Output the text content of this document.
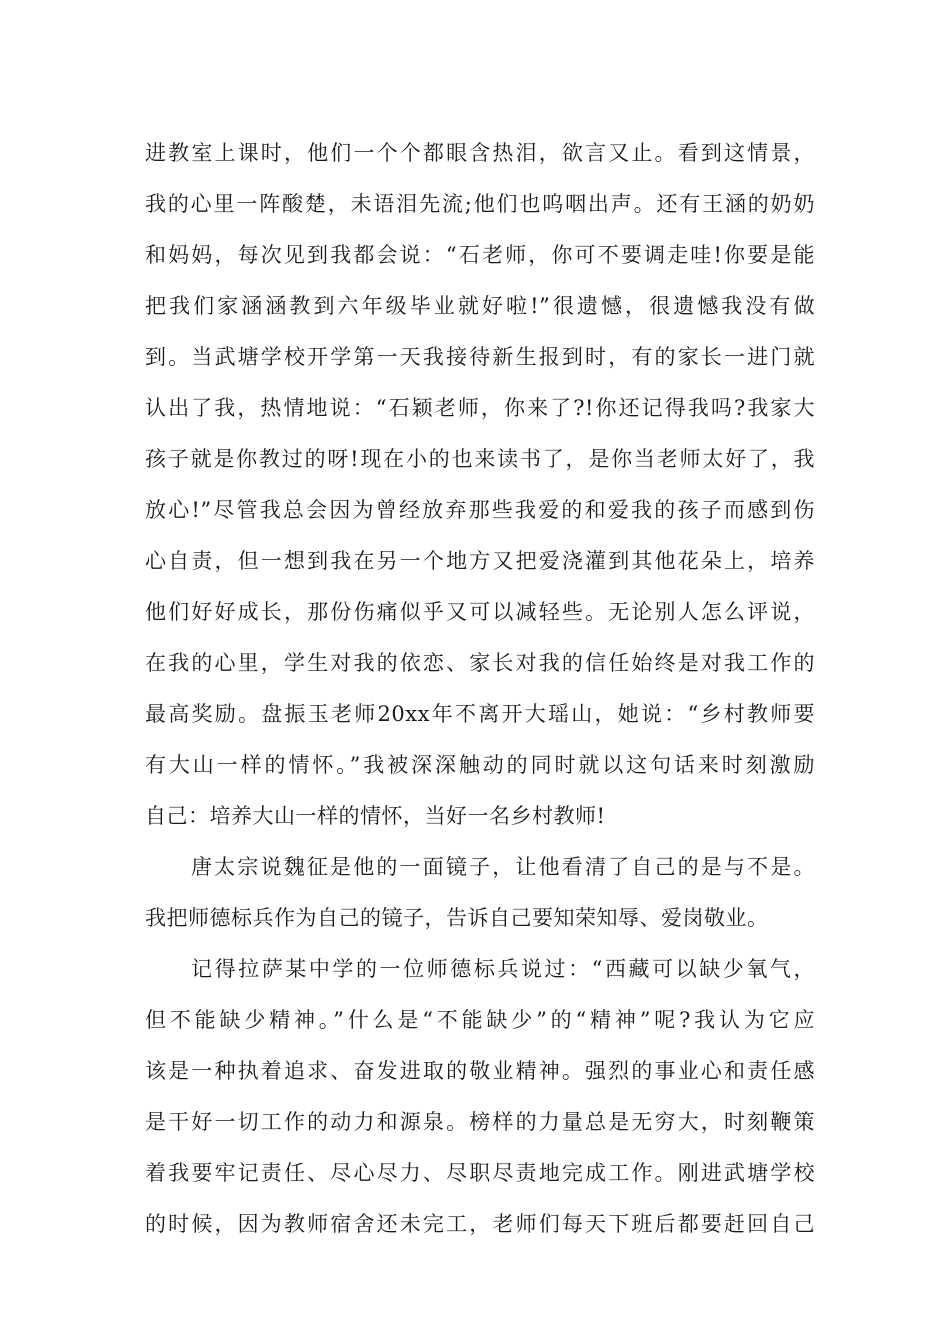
进教室上课时，他们一个个都眼含热泪，欲言又止。看到这情景，
我的心里一阵酸楚，未语泪先流;他们也呜咽出声。还有王涵的奶奶
和妈妈，每次见到我都会说：“石老师，你可不要调走哇!你要是能
把我们家涵涵教到六年级毕业就好啦!”很遗憾，很遗憾我没有做
到。当武塘学校开学第一天我接待新生报到时，有的家长一进门就
认出了我，热情地说：“石颖老师，你来了?!你还记得我吗?我家大
孩子就是你教过的呀!现在小的也来读书了，是你当老师太好了，我
放心!”尽管我总会因为曾经放弃那些我爱的和爱我的孩子而感到伤
心自责，但一想到我在另一个地方又把爱浇灌到其他花朵上，培养
他们好好成长，那份伤痛似乎又可以减轻些。无论别人怎么评说，
在我的心里，学生对我的依恋、家长对我的信任始终是对我工作的
最高奖励。盘振玉老师20xx年不离开大瑶山，她说：“乡村教师要
有大山一样的情怀。”我被深深触动的同时就以这句话来时刻激励
自己：培养大山一样的情怀，当好一名乡村教师!
唐太宗说魏征是他的一面镜子，让他看清了自己的是与不是。
我把师德标兵作为自己的镜子，告诉自己要知荣知辱、爱岗敬业。
记得拉萨某中学的一位师德标兵说过：“西藏可以缺少氧气，
但不能缺少精神。”什么是“不能缺少”的“精神”呢?我认为它应
该是一种执着追求、奋发进取的敬业精神。强烈的事业心和责任感
是干好一切工作的动力和源泉。榜样的力量总是无穷大，时刻鞭策
着我要牢记责任、尽心尽力、尽职尽责地完成工作。刚进武塘学校
的时候，因为教师宿舍还未完工，老师们每天下班后都要赶回自己
